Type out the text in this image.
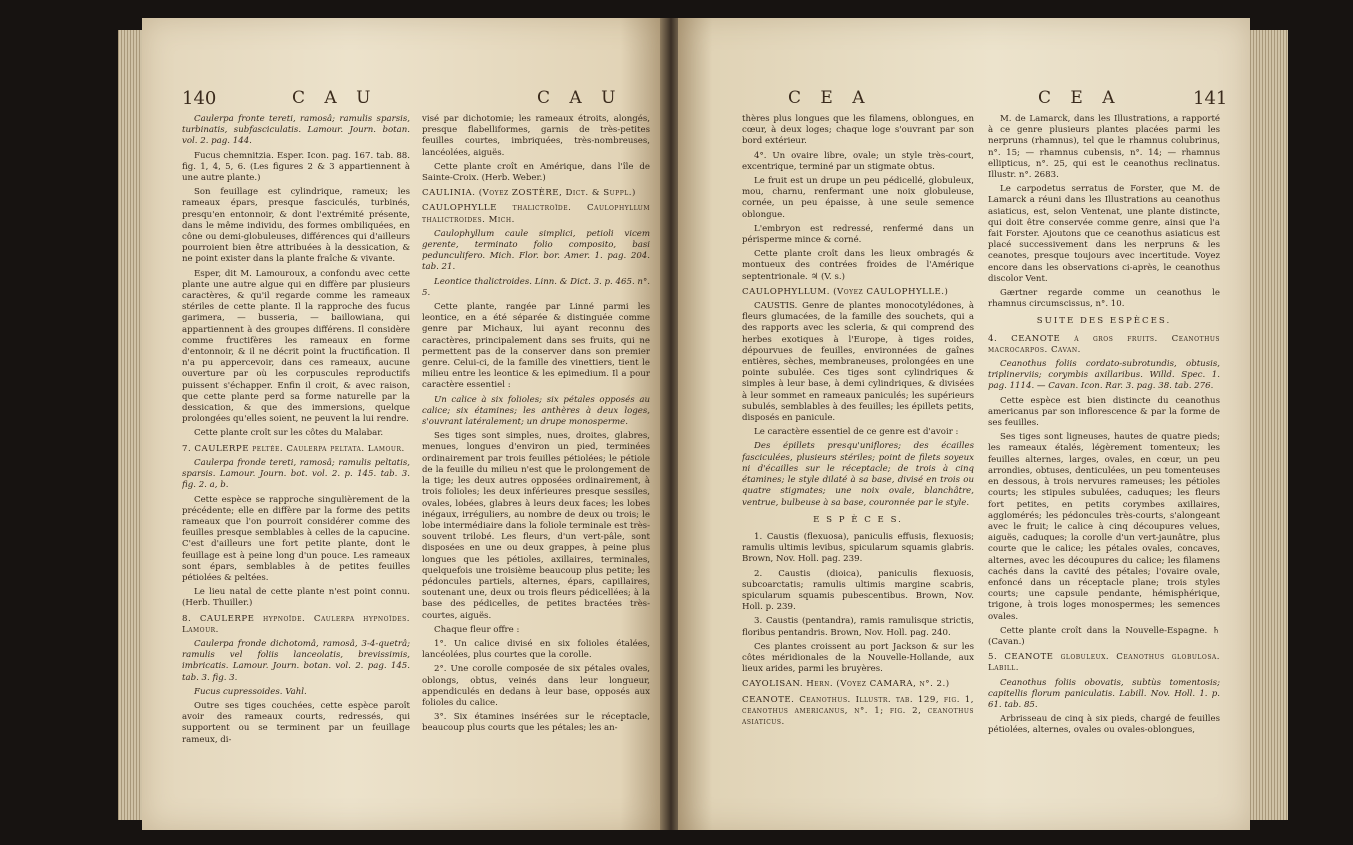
140	C A U	C A U

Caulerpa fronte tereti, ramosâ; ramulis sparsis, turbinatis, subfasciculatis. Lamour. Journ. botan. vol. 2. pag. 144.

Fucus chemnitzia. Esper. Icon. pag. 167. tab. 88. fig. 1, 4, 5, 6. (Les figures 2 & 3 appartiennent à une autre plante.)

Son feuillage est cylindrique, rameux; les rameaux épars, presque fasciculés, turbinés, presqu'en entonnoir, & dont l'extrémité présente, dans le même individu, des formes ombiliquées, en cône ou demi-globuleuses, différences qui d'ailleurs pourroient bien être attribuées à la dessication, & ne point exister dans la plante fraîche & vivante.

Esper, dit M. Lamouroux, a confondu avec cette plante une autre algue qui en diffère par plusieurs caractères, & qu'il regarde comme les rameaux stériles de cette plante. Il la rapproche des fucus garimera, — busseria, — baillowiana, qui appartiennent à des groupes différens. Il considère comme fructifères les rameaux en forme d'entonnoir, & il ne décrit point la fructification. Il n'a pu appercevoir, dans ces rameaux, aucune ouverture par où les corpuscules reproductifs puissent s'échapper. Enfin il croit, & avec raison, que cette plante perd sa forme naturelle par la dessication, & que des immersions, quelque prolongées qu'elles soient, ne peuvent la lui rendre.

Cette plante croît sur les côtes du Malabar.

7. CAULERPE peltée. Caulerpa peltata. Lamour.

Caulerpa fronde tereti, ramosâ; ramulis peltatis, sparsis. Lamour. Journ. bot. vol. 2. p. 145. tab. 3. fig. 2. a, b.

Cette espèce se rapproche singulièrement de la précédente; elle en diffère par la forme des petits rameaux que l'on pourroit considérer comme des feuilles presque semblables à celles de la capucine. C'est d'ailleurs une fort petite plante, dont le feuillage est à peine long d'un pouce. Les rameaux sont épars, semblables à de petites feuilles pétiolées & peltées.

Le lieu natal de cette plante n'est point connu. (Herb. Thuiller.)

8. CAULERPE hypnoïde. Caulerpa hypnoïdes. Lamour.

Caulerpa fronde dichotomâ, ramosâ, 3-4-quetrâ; ramulis vel foliis lanceolatis, brevissimis, imbricatis. Lamour. Journ. botan. vol. 2. pag. 145. tab. 3. fig. 3.

Fucus cupressoides. Vahl.

Outre ses tiges couchées, cette espèce paroît avoir des rameaux courts, redressés, qui supportent ou se terminent par un feuillage rameux, di-

visé par dichotomie; les rameaux étroits, alongés, presque flabelliformes, garnis de très-petites feuilles courtes, imbriquées, très-nombreuses, lancéolées, aiguës.

Cette plante croît en Amérique, dans l'île de Sainte-Croix. (Herb. Weber.)

CAULINIA. (Voyez ZOSTÈRE, Dict. & Suppl.)

CAULOPHYLLE thalictroïde. Caulophyllum thalictroides. Mich.

Caulophyllum caule simplici, petioli vicem gerente, terminato folio composito, basi pedunculifero. Mich. Flor. bor. Amer. 1. pag. 204. tab. 21.

Leontice thalictroides. Linn. & Dict. 3. p. 465. n°. 5.

Cette plante, rangée par Linné parmi les leontice, en a été séparée & distinguée comme genre par Michaux, lui ayant reconnu des caractères, principalement dans ses fruits, qui ne permettent pas de la conserver dans son premier genre. Celui-ci, de la famille des vinettiers, tient le milieu entre les leontice & les epimedium. Il a pour caractère essentiel :

Un calice à six folioles; six pétales opposés au calice; six étamines; les anthères à deux loges, s'ouvrant latéralement; un drupe monosperme.

Ses tiges sont simples, nues, droites, glabres, menues, longues d'environ un pied, terminées ordinairement par trois feuilles pétiolées; le pétiole de la feuille du milieu n'est que le prolongement de la tige; les deux autres opposées ordinairement, à trois folioles; les deux inférieures presque sessiles, ovales, lobées, glabres à leurs deux faces; les lobes inégaux, irréguliers, au nombre de deux ou trois; le lobe intermédiaire dans la foliole terminale est très-souvent trilobé. Les fleurs, d'un vert-pâle, sont disposées en une ou deux grappes, à peine plus longues que les pétioles, axillaires, terminales, quelquefois une troisième beaucoup plus petite; les pédoncules partiels, alternes, épars, capillaires, soutenant une, deux ou trois fleurs pédicellées; à la base des pédicelles, de petites bractées très-courtes, aiguës.

Chaque fleur offre :

1°. Un calice divisé en six folioles étalées, lancéolées, plus courtes que la corolle.

2°. Une corolle composée de six pétales ovales, oblongs, obtus, veinés dans leur longueur, appendiculés en dedans à leur base, opposés aux folioles du calice.

3°. Six étamines insérées sur le réceptacle, beaucoup plus courts que les pétales; les an-

C E A	C E A	141

thères plus longues que les filamens, oblongues, en cœur, à deux loges; chaque loge s'ouvrant par son bord extérieur.

4°. Un ovaire libre, ovale; un style très-court, excentrique, terminé par un stigmate obtus.

Le fruit est un drupe un peu pédicellé, globuleux, mou, charnu, renfermant une noix globuleuse, cornée, un peu épaisse, à une seule semence oblongue.

L'embryon est redressé, renfermé dans un périsperme mince & corné.

Cette plante croît dans les lieux ombragés & montueux des contrées froides de l'Amérique septentrionale. ♃ (V. s.)

CAULOPHYLLUM. (Voyez CAULOPHYLLE.)

CAUSTIS. Genre de plantes monocotylédones, à fleurs glumacées, de la famille des souchets, qui a des rapports avec les scleria, & qui comprend des herbes exotiques à l'Europe, à tiges roides, dépourvues de feuilles, environnées de gaînes entières, sèches, membraneuses, prolongées en une pointe subulée. Ces tiges sont cylindriques & simples à leur base, à demi cylindriques, & divisées à leur sommet en rameaux paniculés; les supérieurs subulés, semblables à des feuilles; les épillets petits, disposés en panicule.

Le caractère essentiel de ce genre est d'avoir :

Des épillets presqu'uniflores; des écailles fasciculées, plusieurs stériles; point de filets soyeux ni d'écailles sur le réceptacle; de trois à cinq étamines; le style dilaté à sa base, divisé en trois ou quatre stigmates; une noix ovale, blanchâtre, ventrue, bulbeuse à sa base, couronnée par le style.

E S P È C E S.

1. Caustis (flexuosa), paniculis effusis, flexuosis; ramulis ultimis levibus, spicularum squamis glabris. Brown, Nov. Holl. pag. 239.

2. Caustis (dioica), paniculis flexuosis, subcoarctatis; ramulis ultimis margine scabris, spicularum squamis pubescentibus. Brown, Nov. Holl. p. 239.

3. Caustis (pentandra), ramis ramulisque strictis, floribus pentandris. Brown, Nov. Holl. pag. 240.

Ces plantes croissent au port Jackson & sur les côtes méridionales de la Nouvelle-Hollande, aux lieux arides, parmi les bruyères.

CAYOLISAN. Hern. (Voyez CAMARA, n°. 2.)

CEANOTE. Ceanothus. Illustr. tab. 129, fig. 1, ceanothus americanus, n°. 1; fig. 2, ceanothus asiaticus.

M. de Lamarck, dans les Illustrations, a rapporté à ce genre plusieurs plantes placées parmi les nerpruns (rhamnus), tel que le rhamnus colubrinus, n°. 15; — rhamnus cubensis, n°. 14; — rhamnus ellipticus, n°. 25, qui est le ceanothus reclinatus. Illustr. n°. 2683.

Le carpodetus serratus de Forster, que M. de Lamarck a réuni dans les Illustrations au ceanothus asiaticus, est, selon Ventenat, une plante distincte, qui doit être conservée comme genre, ainsi que l'a fait Forster. Ajoutons que ce ceanothus asiaticus est placé successivement dans les nerpruns & les ceanotes, presque toujours avec incertitude. Voyez encore dans les observations ci-après, le ceanothus discolor Vent.

Gærtner regarde comme un ceanothus le rhamnus circumscissus, n°. 10.

SUITE DES ESPÈCES.

4. CEANOTE à gros fruits. Ceanothus macrocarpos. Cavan.

Ceanothus foliis cordato-subrotundis, obtusis, triplinerviis; corymbis axillaribus. Willd. Spec. 1. pag. 1114. — Cavan. Icon. Rar. 3. pag. 38. tab. 276.

Cette espèce est bien distincte du ceanothus americanus par son inflorescence & par la forme de ses feuilles.

Ses tiges sont ligneuses, hautes de quatre pieds; les rameaux étalés, légèrement tomenteux; les feuilles alternes, larges, ovales, en cœur, un peu arrondies, obtuses, denticulées, un peu tomenteuses en dessous, à trois nervures rameuses; les pétioles courts; les stipules subulées, caduques; les fleurs fort petites, en petits corymbes axillaires, agglomérés; les pédoncules très-courts, s'alongeant avec le fruit; le calice à cinq découpures velues, aiguës, caduques; la corolle d'un vert-jaunâtre, plus courte que le calice; les pétales ovales, concaves, alternes, avec les découpures du calice; les filamens cachés dans la cavité des pétales; l'ovaire ovale, enfoncé dans un réceptacle plane; trois styles courts; une capsule pendante, hémisphérique, trigone, à trois loges monospermes; les semences ovales.

Cette plante croît dans la Nouvelle-Espagne. ♄ (Cavan.)

5. CEANOTE globuleux. Ceanothus globulosa. Labill.

Ceanothus foliis obovatis, subtùs tomentosis; capitellis florum paniculatis. Labill. Nov. Holl. 1. p. 61. tab. 85.

Arbrisseau de cinq à six pieds, chargé de feuilles pétiolées, alternes, ovales ou ovales-oblongues,
